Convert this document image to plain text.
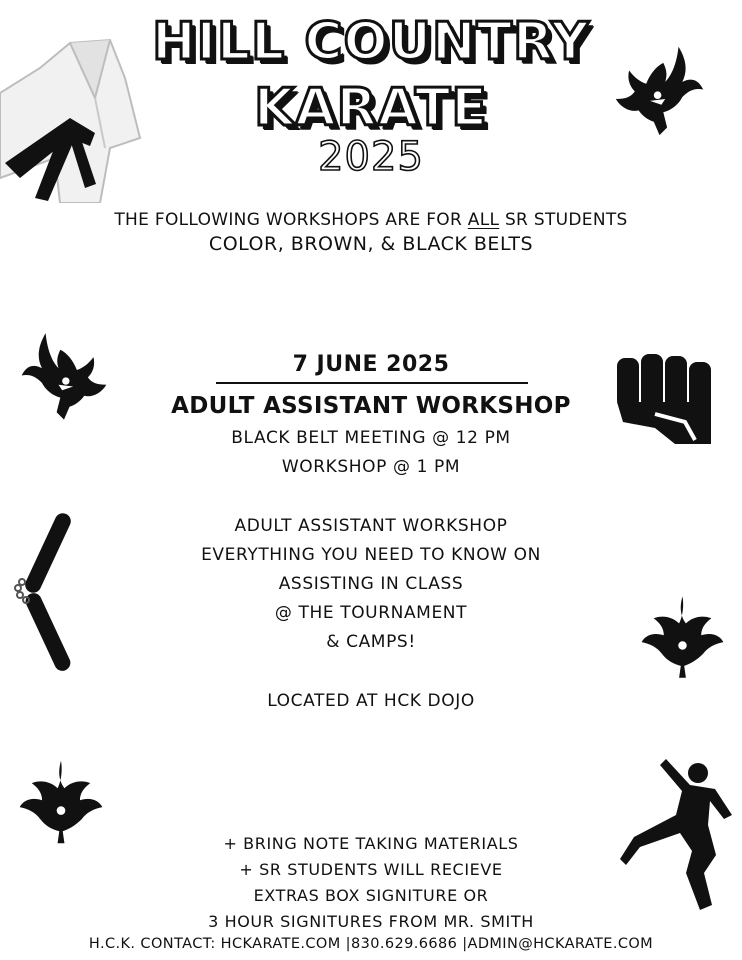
HILL COUNTRY
KARATE
2025
THE FOLLOWING WORKSHOPS ARE FOR ALL SR STUDENTS
COLOR, BROWN, & BLACK BELTS
7 JUNE 2025
ADULT ASSISTANT WORKSHOP
BLACK BELT MEETING @ 12 PM
WORKSHOP @ 1 PM
ADULT ASSISTANT WORKSHOP
EVERYTHING YOU NEED TO KNOW ON
ASSISTING IN CLASS
@ THE TOURNAMENT
& CAMPS!
LOCATED AT HCK DOJO
+ BRING NOTE TAKING MATERIALS
+ SR STUDENTS WILL RECIEVE
EXTRAS BOX SIGNITURE OR
3 HOUR SIGNITURES FROM MR. SMITH
H.C.K. CONTACT: HCKARATE.COM |830.629.6686 |ADMIN@HCKARATE.COM
